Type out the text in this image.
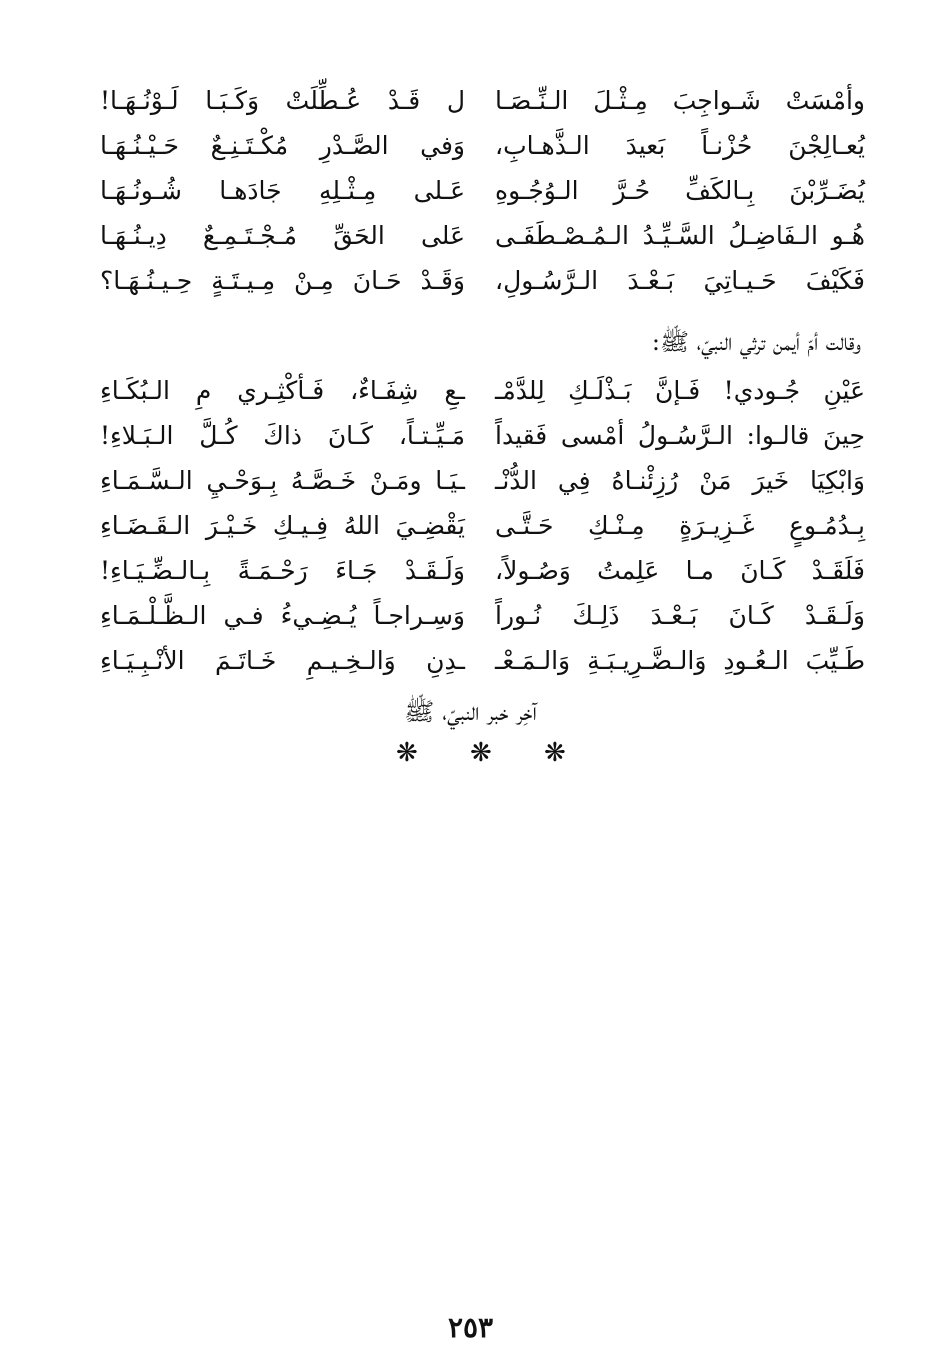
وأمْسَتْ شَـواجِبَ مِـثْـلَ الـنِّـصَـا
ل قَـدْ عُـطِّلَتْ وَكَـبَـا لَـوْنُـهَـا!
يُعـالِجْنَ حُزْنـاً بَعيدَ الـذَّهـابِ،
وَفي الصَّـدْرِ مُكْـتَـنِـعٌ حَـيْـنُـهَـا
يُضَـرِّبْنَ بِـالكَفِّ حُـرَّ الـوُجُـوهِ
عَـلى مِـثْـلِهِ جَادَهـا شُـونُـهَـا
هُـو الـفَاضِـلُ السَّـيِّـدُ الـمُـصْـطَفَـى
عَلى الحَقِّ مُـجْـتَـمِـعٌ دِيـنُـهَـا
فَكَيْفَ حَـيـاتِيَ بَـعْـدَ الـرَّسُـولِ،
وَقَـدْ حَـانَ مِـنْ مِـيـتَـةٍ حِـيـنُـهَـا؟
وقالت أمّ أيمن ترثي النبيّ، ﷺ:
عَيْنِ جُـودي! فَـإنَّ بَـذْلَـكِ لِلدَّمْـ
ـعِ شِفَـاءٌ، فَـأكْثِـري مِ الـبُكَـاءِ
حِينَ قالـوا: الـرَّسُـولُ أمْسى فَقيداً
مَـيِّـتـاً، كَـانَ ذاكَ كُـلَّ الـبَـلاءِ!
وَابْكِيَا خَيرَ مَنْ رُزِئْنـاهُ فِي الدُّنْـ
ـيَـا ومَـنْ خَـصَّـهُ بِـوَحْـيِ الـسَّـمَـاءِ
بِـدُمُـوعٍ غَـزِيـرَةٍ مِـنْـكِ حَـتَّـى
يَقْضِـيَ اللهُ فِـيـكِ خَـيْـرَ الـقَـضَـاءِ
فَلَقَـدْ كَـانَ مـا عَلِمتُ وَصُـولاً،
وَلَـقَـدْ جَـاءَ رَحْـمَـةً بِـالـضِّـيَـاءِ!
وَلَـقَـدْ كَـانَ بَـعْـدَ ذَلِـكَ نُـوراً
وَسِـراجـاً يُـضِـيءُ فـي الـظَّـلْـمَـاءِ
طَـيِّبَ الـعُـودِ وَالـضَّـرِيـبَـةِ وَالـمَـعْـ
ـدِنِ وَالـخِـيـمِ خَـاتَـمَ الأنْـبِـيَـاءِ
آخِر خبر النبيّ، ﷺ
❋ ❋ ❋
٢٥٣
